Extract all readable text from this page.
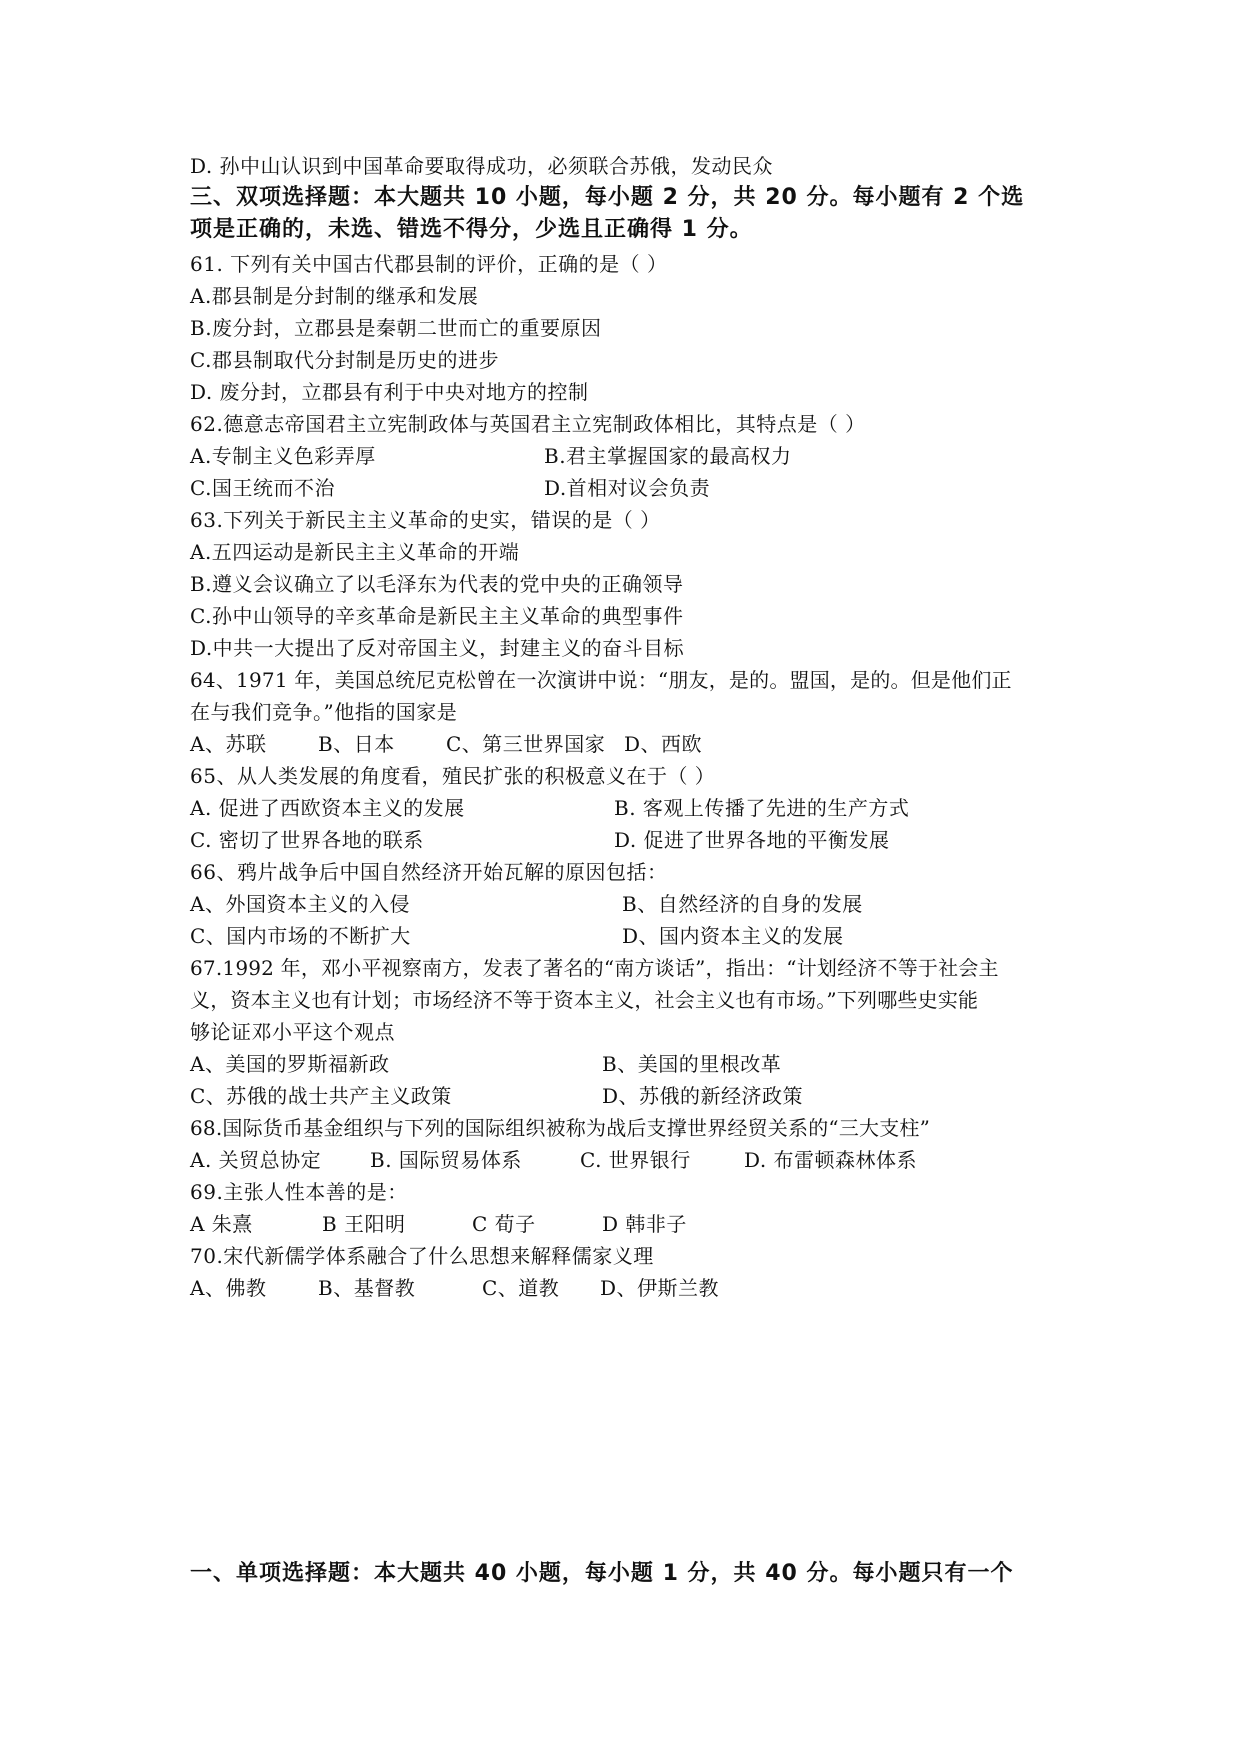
D. 孙中山认识到中国革命要取得成功，必须联合苏俄，发动民众
三、双项选择题：本大题共 10 小题，每小题 2 分，共 20 分。每小题有 2 个选
项是正确的，未选、错选不得分，少选且正确得 1 分。
61. 下列有关中国古代郡县制的评价，正确的是（ ）
A.郡县制是分封制的继承和发展
B.废分封，立郡县是秦朝二世而亡的重要原因
C.郡县制取代分封制是历史的进步
D. 废分封，立郡县有利于中央对地方的控制
62.德意志帝国君主立宪制政体与英国君主立宪制政体相比，其特点是（ ）
A.专制主义色彩弄厚	B.君主掌握国家的最高权力
C.国王统而不治	D.首相对议会负责
63.下列关于新民主主义革命的史实，错误的是（ ）
A.五四运动是新民主主义革命的开端
B.遵义会议确立了以毛泽东为代表的党中央的正确领导
C.孙中山领导的辛亥革命是新民主主义革命的典型事件
D.中共一大提出了反对帝国主义，封建主义的奋斗目标
64、1971 年，美国总统尼克松曾在一次演讲中说：“朋友，是的。盟国，是的。但是他们正
在与我们竞争。”他指的国家是
A、苏联	B、日本	C、第三世界国家 D、西欧
65、从人类发展的角度看，殖民扩张的积极意义在于（ ）
A. 促进了西欧资本主义的发展	B. 客观上传播了先进的生产方式
C. 密切了世界各地的联系	D. 促进了世界各地的平衡发展
66、鸦片战争后中国自然经济开始瓦解的原因包括：
A、外国资本主义的入侵	B、自然经济的自身的发展
C、国内市场的不断扩大	D、国内资本主义的发展
67.1992 年，邓小平视察南方，发表了著名的“南方谈话”，指出：“计划经济不等于社会主
义，资本主义也有计划；市场经济不等于资本主义，社会主义也有市场。”下列哪些史实能
够论证邓小平这个观点
A、美国的罗斯福新政	B、美国的里根改革
C、苏俄的战士共产主义政策	D、苏俄的新经济政策
68.国际货币基金组织与下列的国际组织被称为战后支撑世界经贸关系的“三大支柱”
A. 关贸总协定 B. 国际贸易体系	C. 世界银行	D. 布雷顿森林体系
69.主张人性本善的是：
A 朱熹	B 王阳明	C 荀子	D 韩非子
70.宋代新儒学体系融合了什么思想来解释儒家义理
A、佛教	B、基督教	C、道教 D、伊斯兰教
一、单项选择题：本大题共 40 小题，每小题 1 分，共 40 分。每小题只有一个
